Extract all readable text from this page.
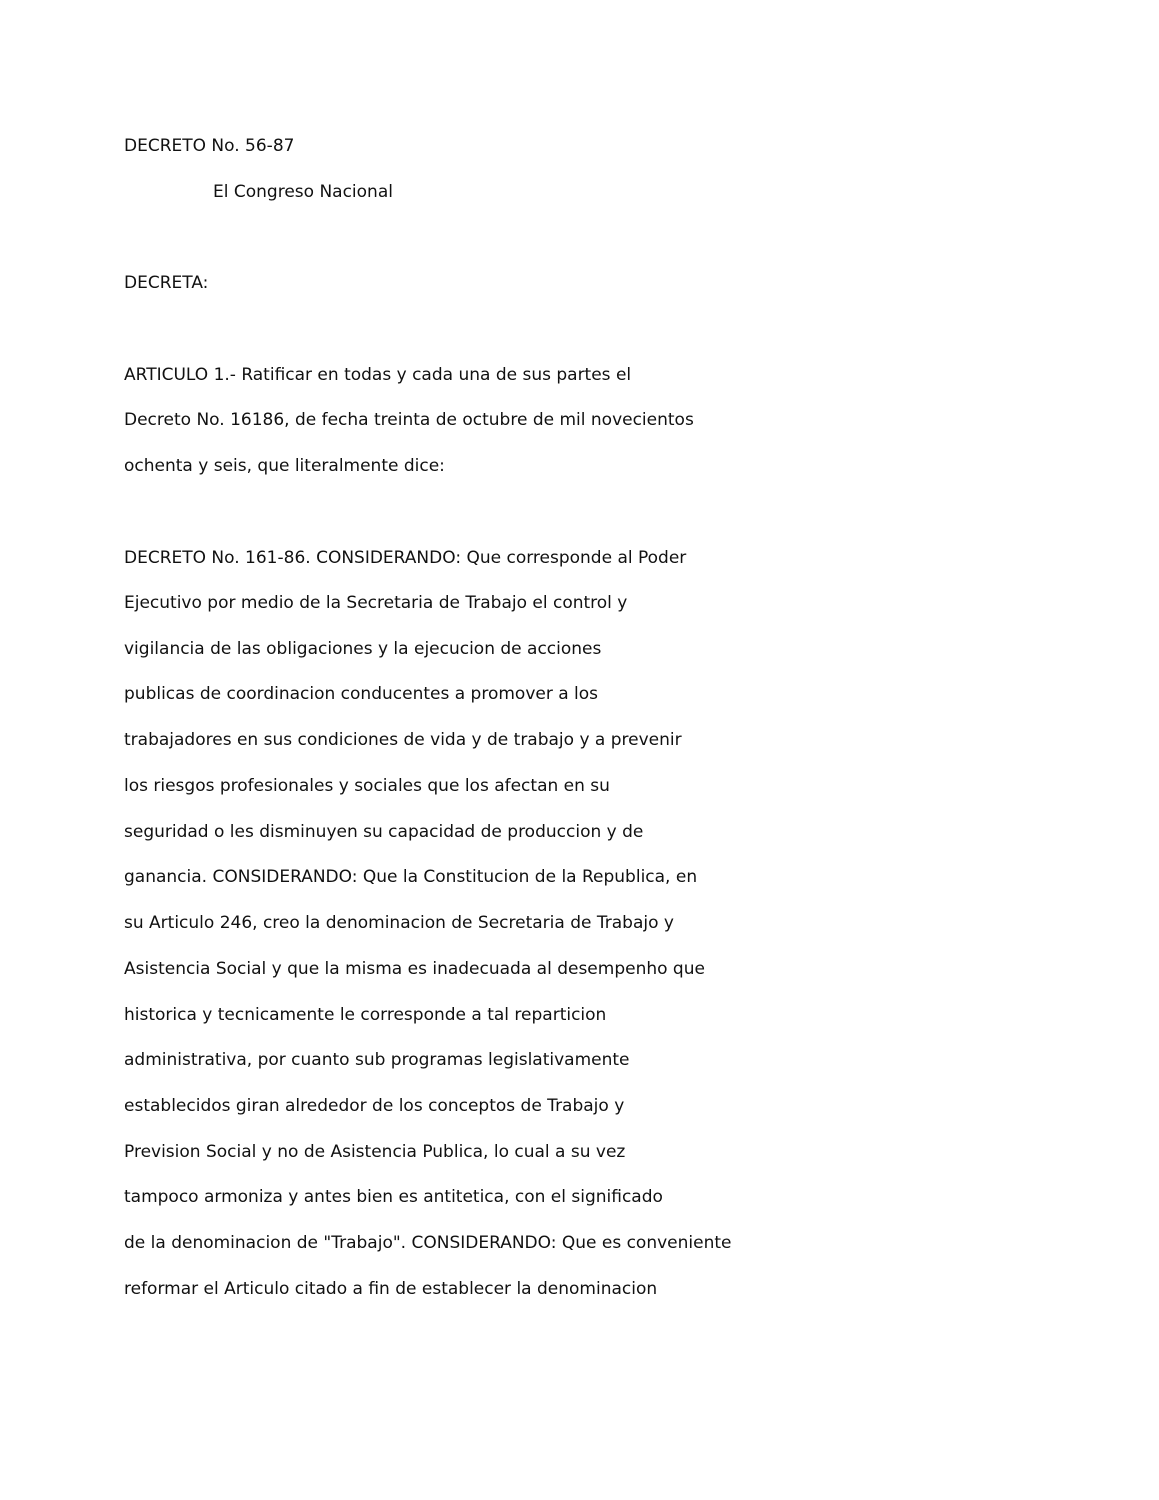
DECRETO No. 56-87

El Congreso Nacional

DECRETA:

ARTICULO 1.- Ratificar en todas y cada una de sus partes el

Decreto No. 16186, de fecha treinta de octubre de mil novecientos

ochenta y seis, que literalmente dice:

DECRETO No. 161-86. CONSIDERANDO: Que corresponde al Poder

Ejecutivo por medio de la Secretaria de Trabajo el control y

vigilancia de las obligaciones y la ejecucion de acciones

publicas de coordinacion conducentes a promover a los

trabajadores en sus condiciones de vida y de trabajo y a prevenir

los riesgos profesionales y sociales que los afectan en su

seguridad o les disminuyen su capacidad de produccion y de

ganancia. CONSIDERANDO: Que la Constitucion de la Republica, en

su Articulo 246, creo la denominacion de Secretaria de Trabajo y

Asistencia Social y que la misma es inadecuada al desempenho que

historica y tecnicamente le corresponde a tal reparticion

administrativa, por cuanto sub programas legislativamente

establecidos giran alrededor de los conceptos de Trabajo y

Prevision Social y no de Asistencia Publica, lo cual a su vez

tampoco armoniza y antes bien es antitetica, con el significado

de la denominacion de "Trabajo". CONSIDERANDO: Que es conveniente

reformar el Articulo citado a fin de establecer la denominacion
